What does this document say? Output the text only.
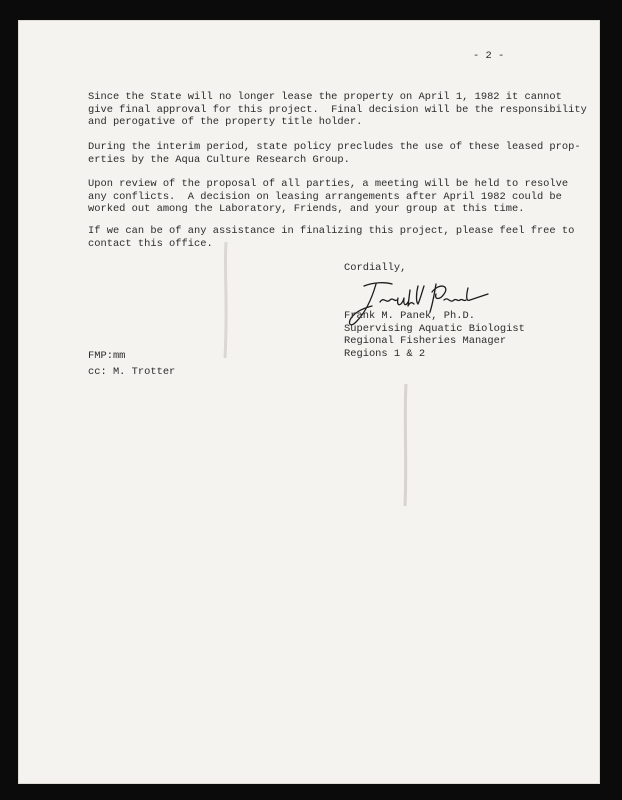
- 2 -
Since the State will no longer lease the property on April 1, 1982 it cannot
give final approval for this project.  Final decision will be the responsibility
and perogative of the property title holder.
During the interim period, state policy precludes the use of these leased prop-
erties by the Aqua Culture Research Group.
Upon review of the proposal of all parties, a meeting will be held to resolve
any conflicts.  A decision on leasing arrangements after April 1982 could be
worked out among the Laboratory, Friends, and your group at this time.
If we can be of any assistance in finalizing this project, please feel free to
contact this office.
Cordially,
Frank M. Panek, Ph.D.
Supervising Aquatic Biologist
Regional Fisheries Manager
Regions 1 & 2
FMP:mm
cc: M. Trotter
